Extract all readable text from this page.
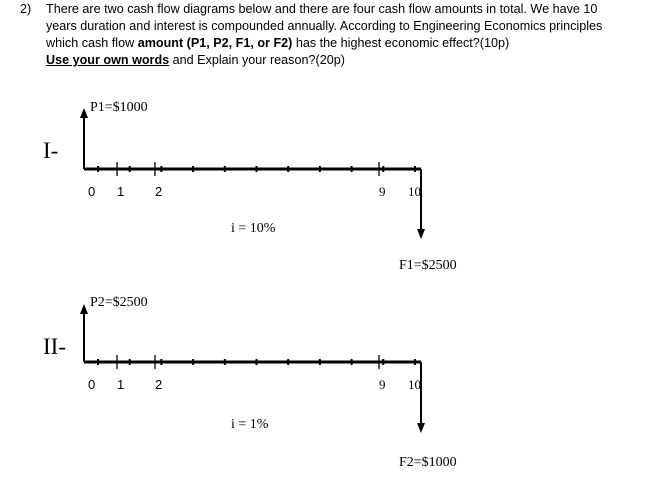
2) There are two cash flow diagrams below and there are four cash flow amounts in total. We have 10
years duration and interest is compounded annually. According to Engineering Economics principles
which cash flow amount (P1, P2, F1, or F2) has the highest economic effect?(10p)
Use your own words and Explain your reason?(20p)
I-
P1=$1000
0 1 2	9 10
i = 10%
F1=$2500
II-
P2=$2500
0 1 2	9 10
i = 1%
F2=$1000
